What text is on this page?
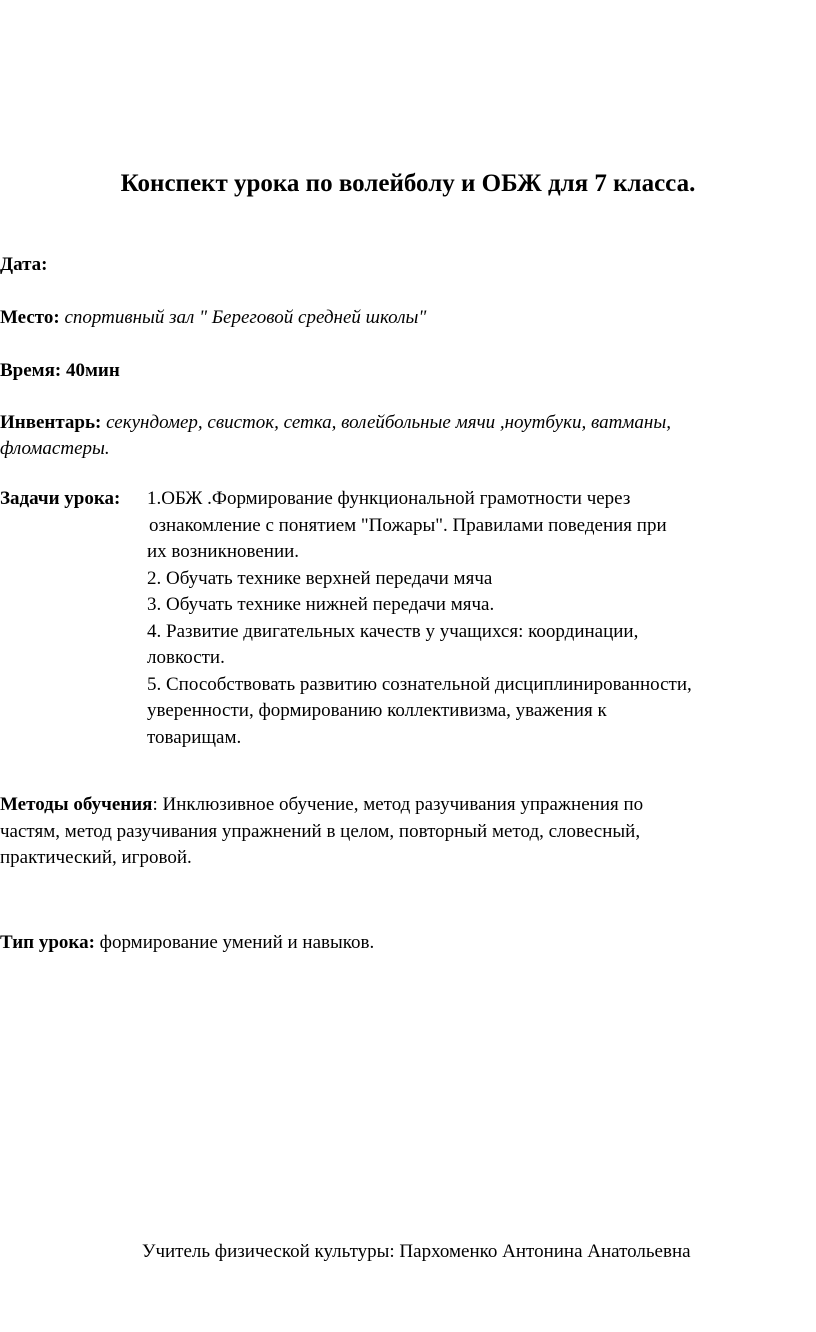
Конспект урока по волейболу и ОБЖ для 7 класса.
Дата:
Место: спортивный зал " Береговой средней школы"
Время: 40мин
Инвентарь: секундомер, свисток, сетка, волейбольные мячи ,ноутбуки, ватманы,
фломастеры.
Задачи урока: 1.ОБЖ .Формирование функциональной грамотности через
ознакомление с понятием "Пожары". Правилами поведения при
их возникновении.
2. Обучать технике верхней передачи мяча
3. Обучать технике нижней передачи мяча.
4. Развитие двигательных качеств у учащихся: координации,
ловкости.
5. Способствовать развитию сознательной дисциплинированности,
уверенности, формированию коллективизма, уважения к
товарищам.
Методы обучения: Инклюзивное обучение, метод разучивания упражнения по
частям, метод разучивания упражнений в целом, повторный метод, словесный,
практический, игровой.
Тип урока: формирование умений и навыков.
Учитель физической культуры: Пархоменко Антонина Анатольевна
